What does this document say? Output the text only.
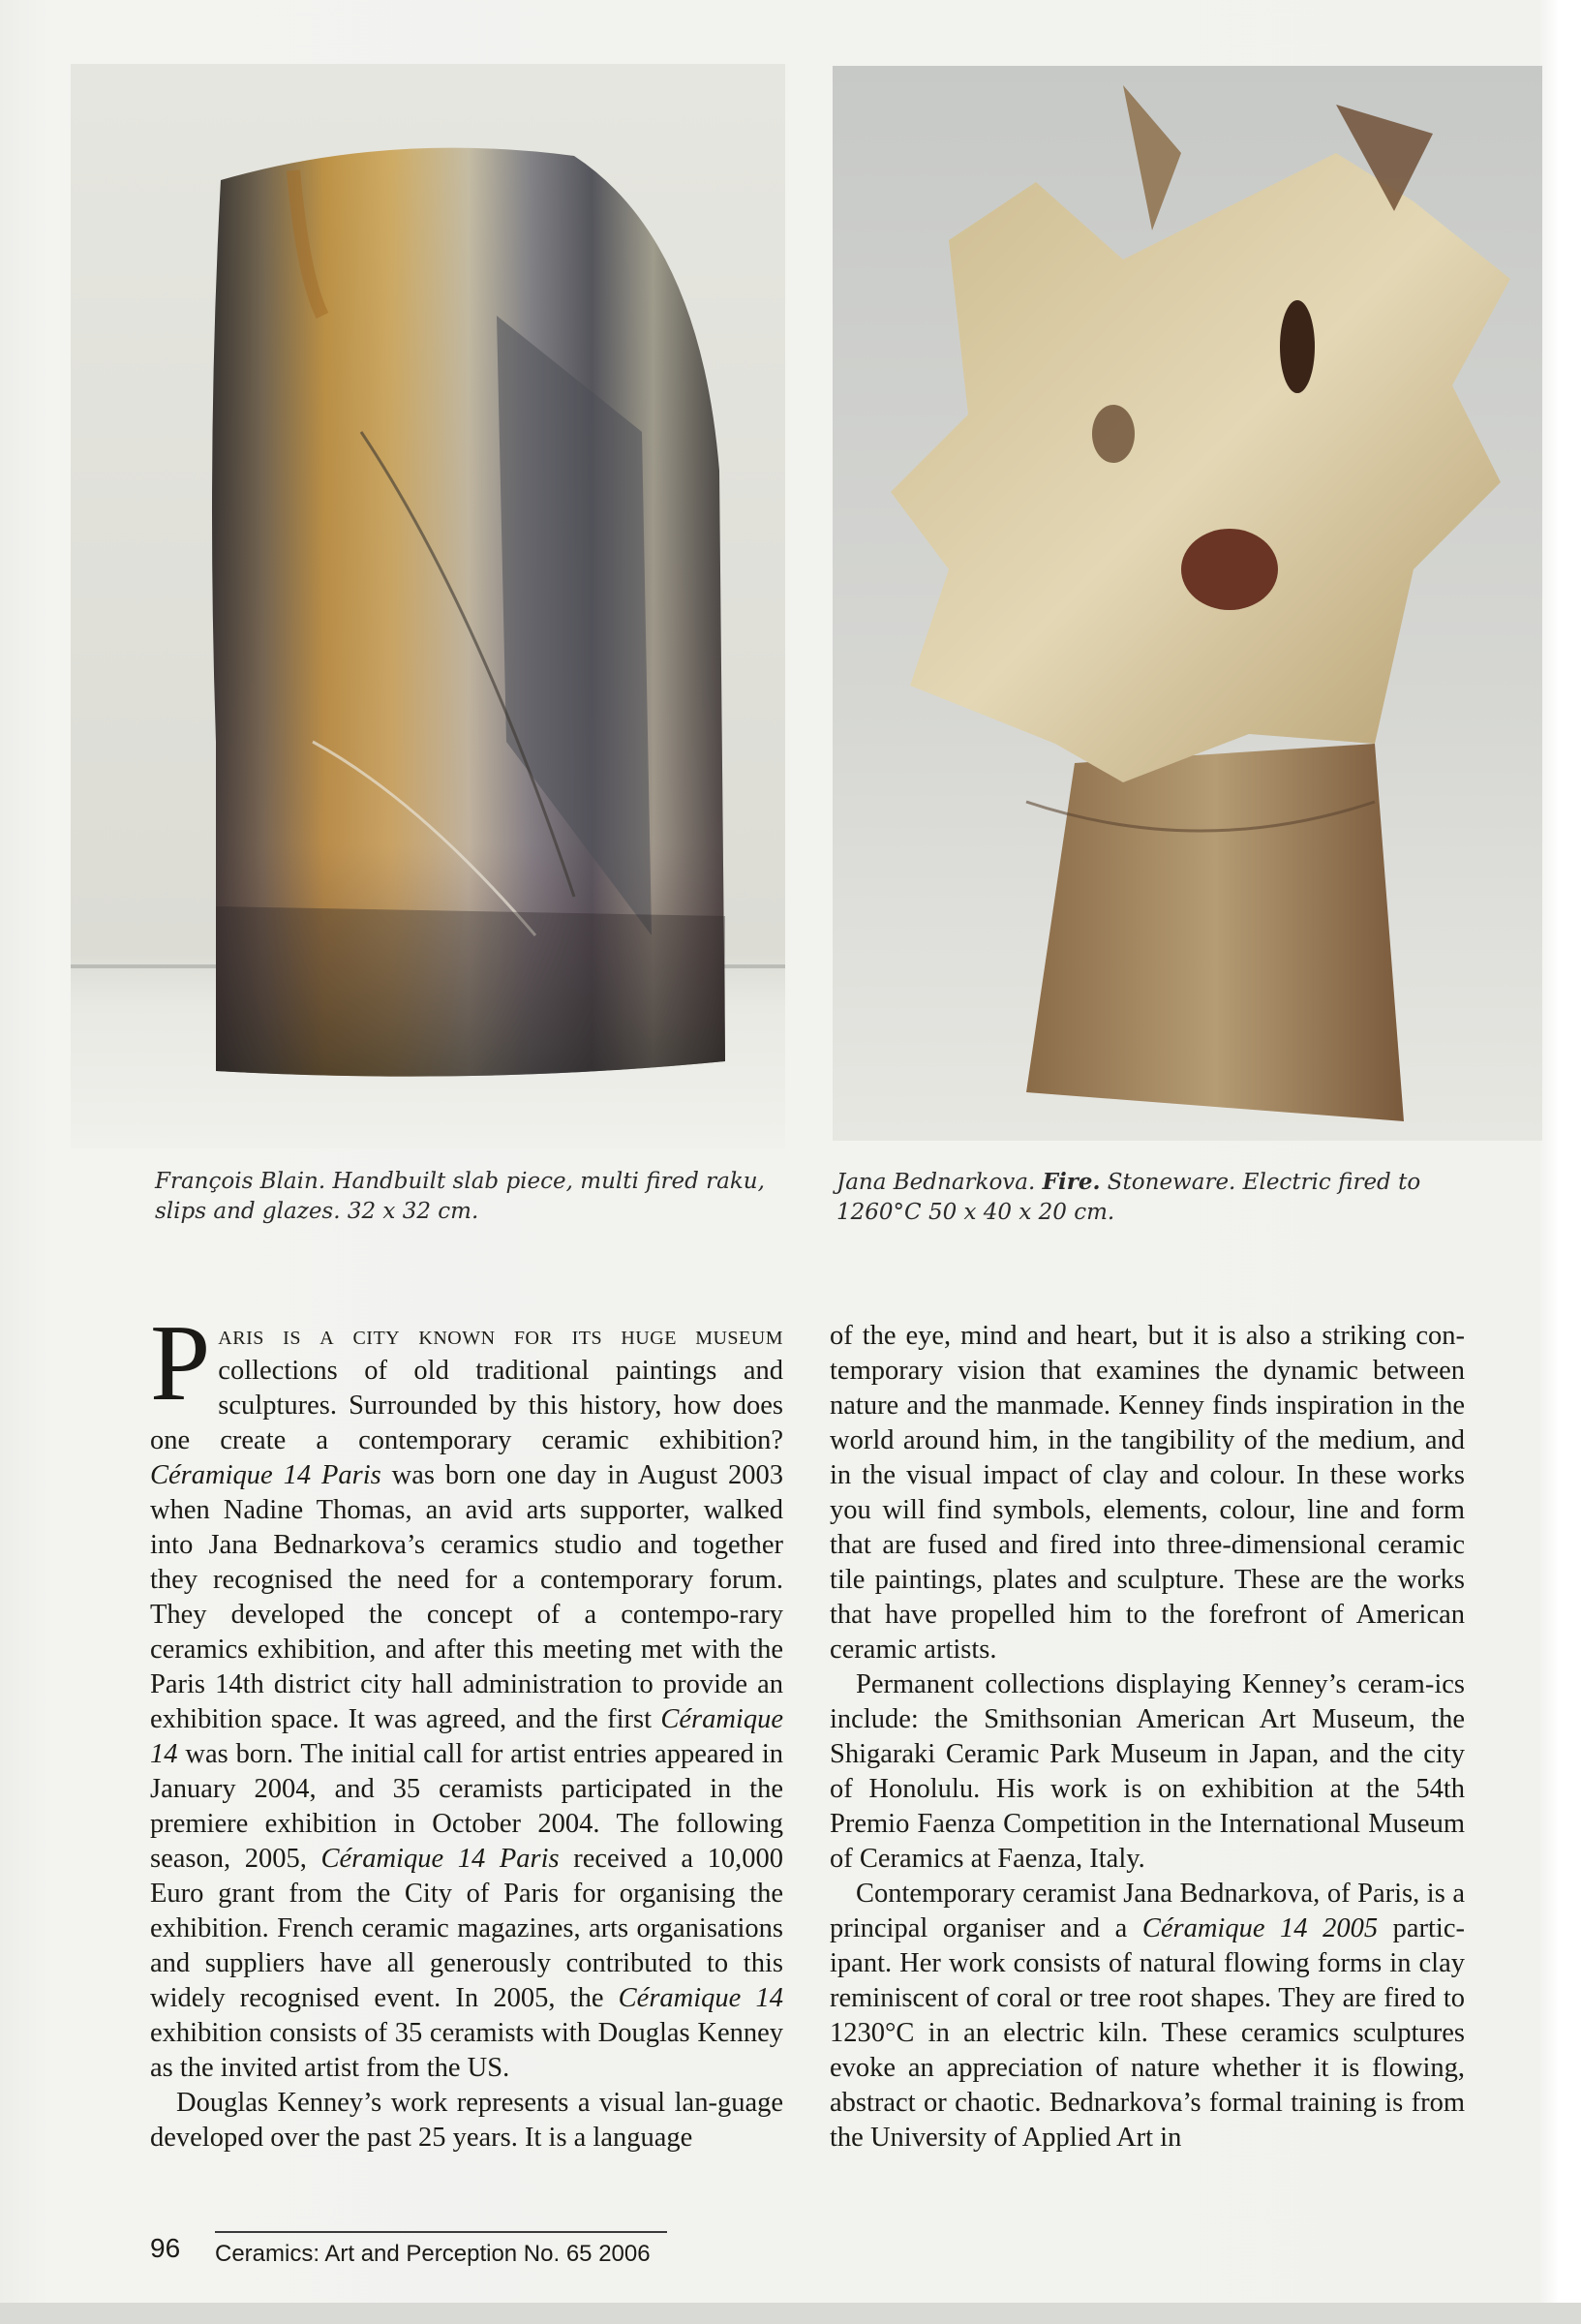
François Blain. Handbuilt slab piece, multi fired raku, slips and glazes. 32 x 32 cm.
Jana Bednarkova. Fire. Stoneware. Electric fired to 1260°C 50 x 40 x 20 cm.

Paris is a city known for its huge museum collections of old traditional paintings and sculptures. Surrounded by this history, how does one create a contemporary ceramic exhibition? Céramique 14 Paris was born one day in August 2003 when Nadine Thomas, an avid arts supporter, walked into Jana Bednarkova’s ceramics studio and together they recognised the need for a contemporary forum. They developed the concept of a contempo-rary ceramics exhibition, and after this meeting met with the Paris 14th district city hall administration to provide an exhibition space. It was agreed, and the first Céramique 14 was born. The initial call for artist entries appeared in January 2004, and 35 ceramists participated in the premiere exhibition in October 2004. The following season, 2005, Céramique 14 Paris received a 10,000 Euro grant from the City of Paris for organising the exhibition. French ceramic magazines, arts organisations and suppliers have all generously contributed to this widely recognised event. In 2005, the Céramique 14 exhibition consists of 35 ceramists with Douglas Kenney as the invited artist from the US.

Douglas Kenney’s work represents a visual lan-guage developed over the past 25 years. It is a language

of the eye, mind and heart, but it is also a striking con-temporary vision that examines the dynamic between nature and the manmade. Kenney finds inspiration in the world around him, in the tangibility of the medium, and in the visual impact of clay and colour. In these works you will find symbols, elements, colour, line and form that are fused and fired into three-dimensional ceramic tile paintings, plates and sculpture. These are the works that have propelled him to the forefront of American ceramic artists.

Permanent collections displaying Kenney’s ceram-ics include: the Smithsonian American Art Museum, the Shigaraki Ceramic Park Museum in Japan, and the city of Honolulu. His work is on exhibition at the 54th Premio Faenza Competition in the International Museum of Ceramics at Faenza, Italy.

Contemporary ceramist Jana Bednarkova, of Paris, is a principal organiser and a Céramique 14 2005 partic-ipant. Her work consists of natural flowing forms in clay reminiscent of coral or tree root shapes. They are fired to 1230°C in an electric kiln. These ceramics sculptures evoke an appreciation of nature whether it is flowing, abstract or chaotic. Bednarkova’s formal training is from the University of Applied Art in

96 Ceramics: Art and Perception No. 65 2006
